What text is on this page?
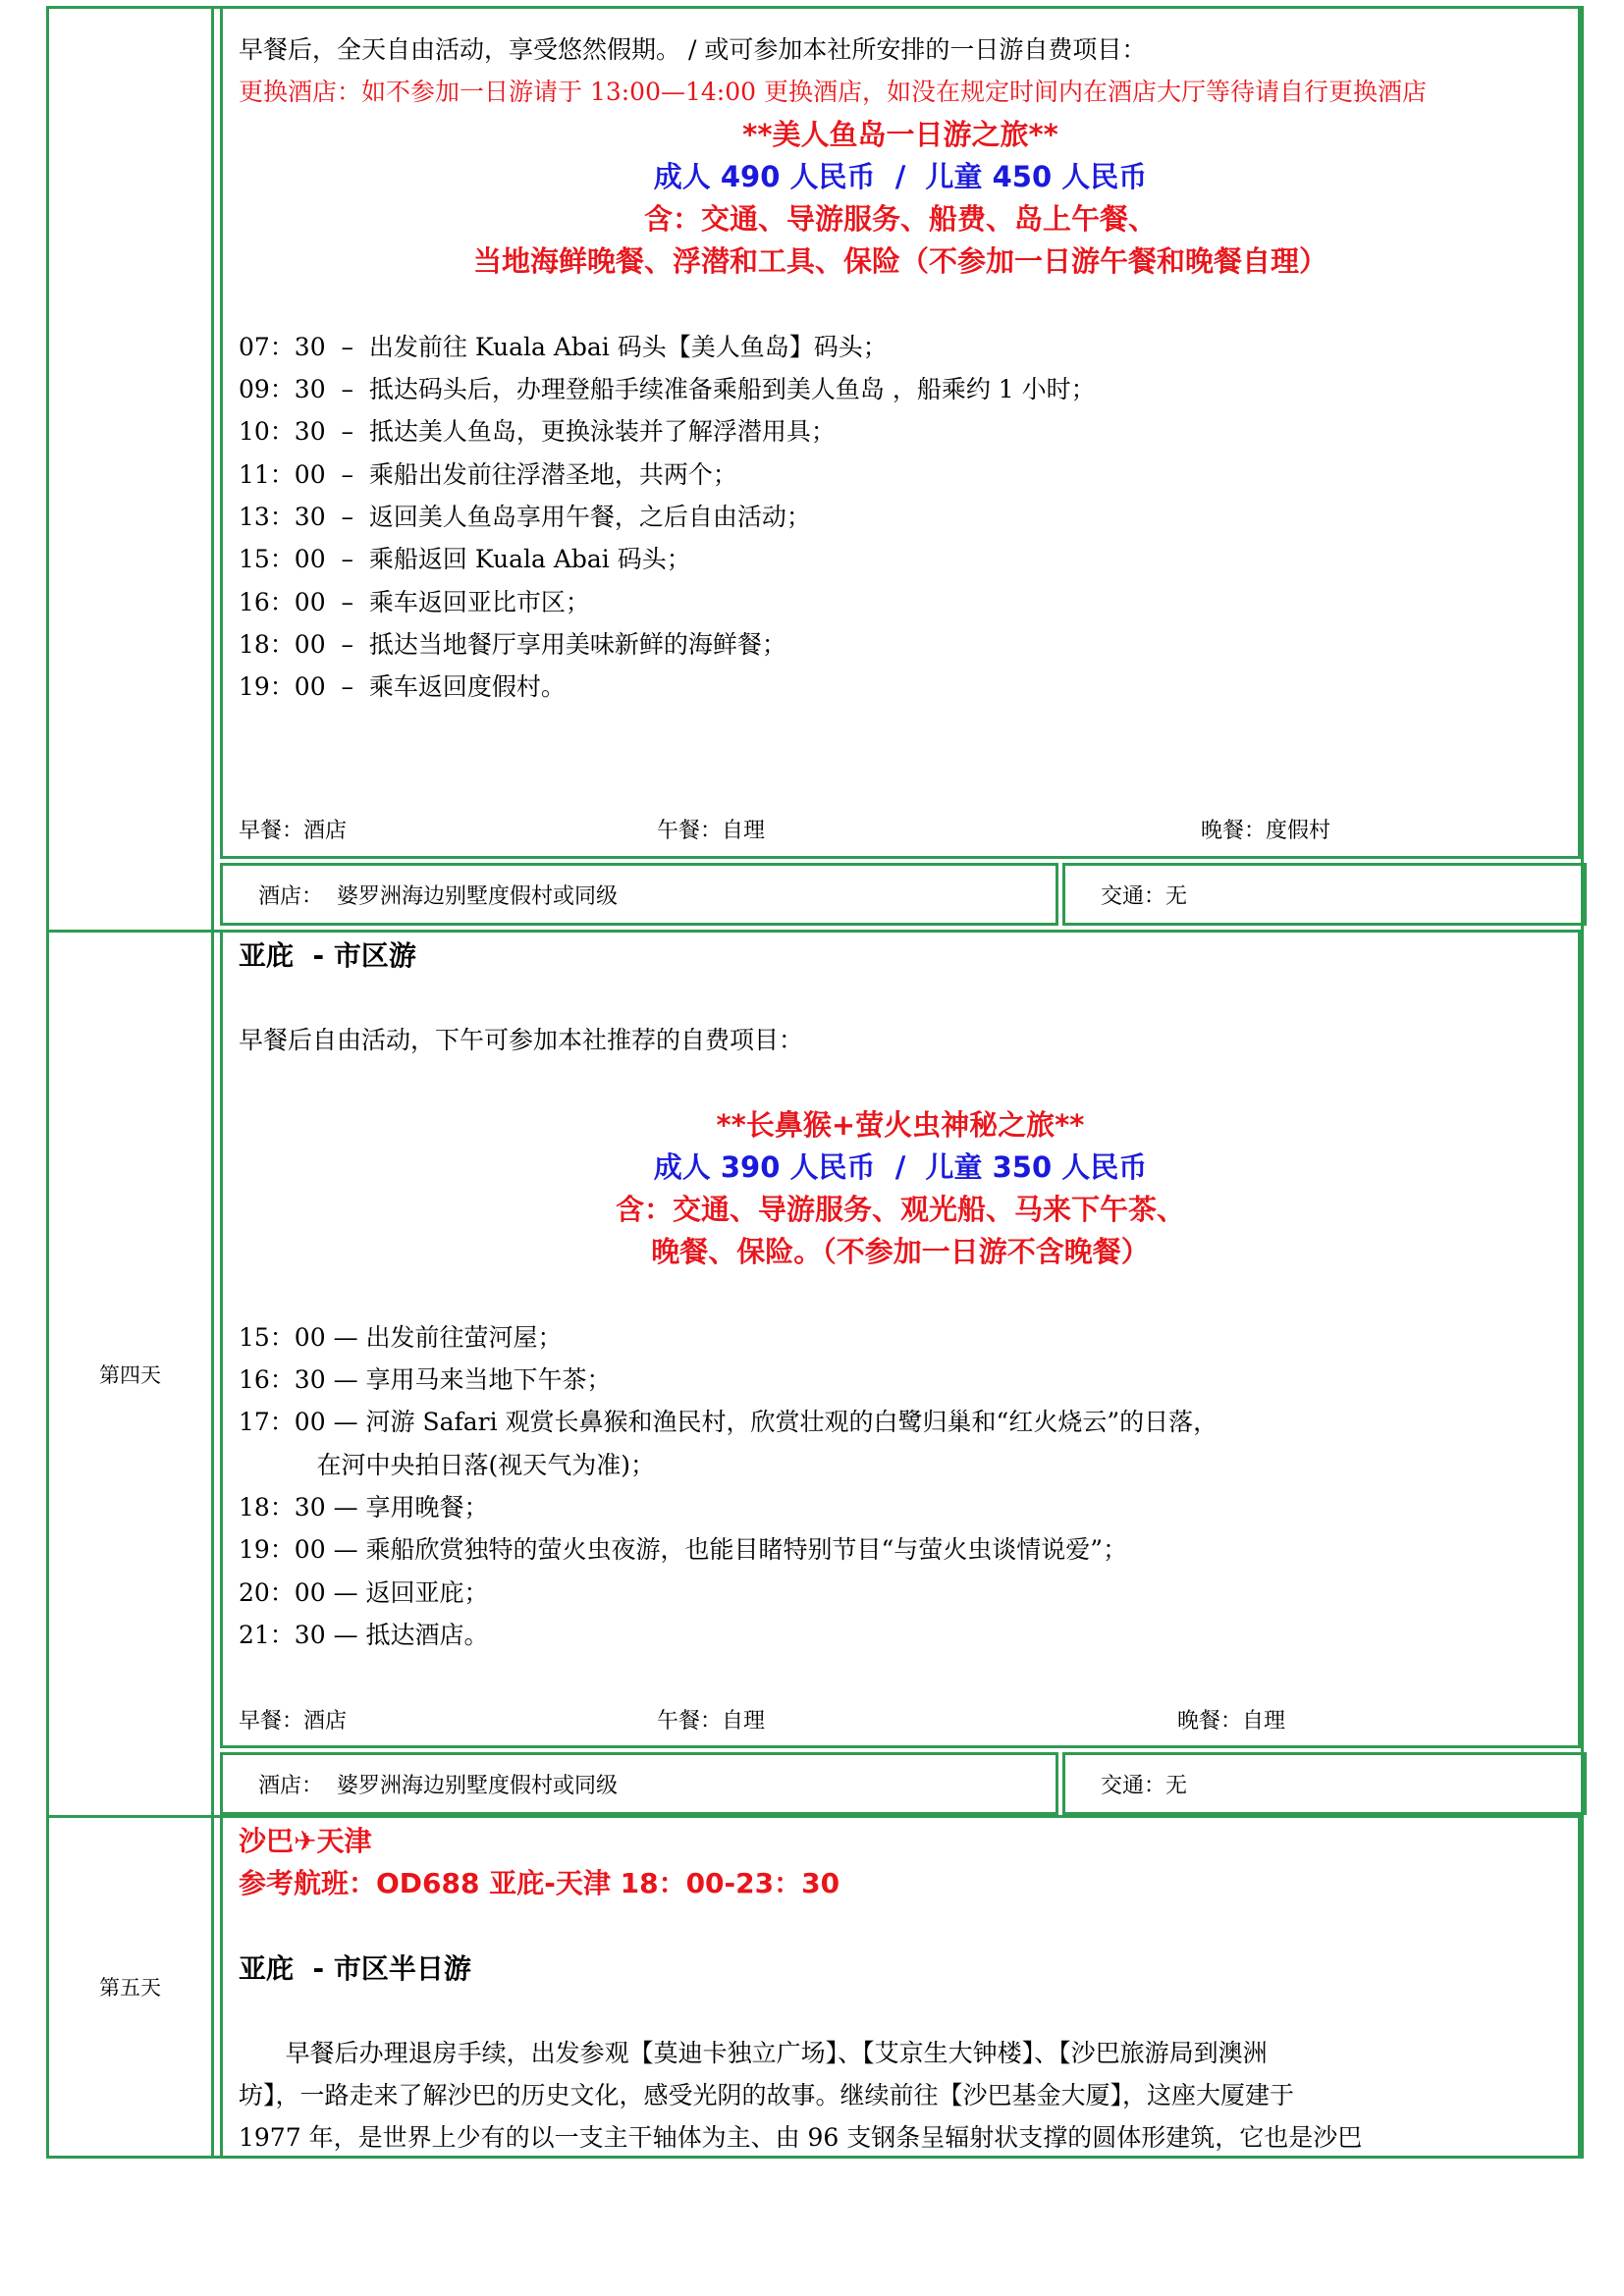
早餐后，全天自由活动，享受悠然假期。 / 或可参加本社所安排的一日游自费项目：
更换酒店：如不参加一日游请于 13:00—14:00 更换酒店，如没在规定时间内在酒店大厅等待请自行更换酒店
**美人鱼岛一日游之旅**
成人 490 人民币  /  儿童 450 人民币
含：交通、导游服务、船费、岛上午餐、
当地海鲜晚餐、浮潜和工具、保险（不参加一日游午餐和晚餐自理）
07：30  –  出发前往 Kuala Abai 码头【美人鱼岛】码头；
09：30  –  抵达码头后，办理登船手续准备乘船到美人鱼岛 ，船乘约 1 小时；
10：30  –  抵达美人鱼岛，更换泳装并了解浮潜用具；
11：00  –  乘船出发前往浮潜圣地，共两个；
13：30  –  返回美人鱼岛享用午餐，之后自由活动；
15：00  –  乘船返回 Kuala Abai 码头；
16：00  –  乘车返回亚比市区；
18：00  –  抵达当地餐厅享用美味新鲜的海鲜餐；
19：00  –  乘车返回度假村。
早餐：酒店	午餐：自理	晚餐：度假村
酒店：  婆罗洲海边别墅度假村或同级	交通：无
第四天
亚庇  - 市区游
早餐后自由活动，下午可参加本社推荐的自费项目：
**长鼻猴+萤火虫神秘之旅**
成人 390 人民币  /  儿童 350 人民币
含：交通、导游服务、观光船、马来下午茶、
晚餐、保险。（不参加一日游不含晚餐）
15：00 — 出发前往萤河屋；
16：30 — 享用马来当地下午茶；
17：00 — 河游 Safari 观赏长鼻猴和渔民村，欣赏壮观的白鹭归巢和“红火烧云”的日落，
在河中央拍日落(视天气为准)；
18：30 — 享用晚餐；
19：00 — 乘船欣赏独特的萤火虫夜游，也能目睹特别节目“与萤火虫谈情说爱”；
20：00 — 返回亚庇；
21：30 — 抵达酒店。
早餐：酒店	午餐：自理	晚餐：自理
酒店：  婆罗洲海边别墅度假村或同级	交通：无
第五天
沙巴✈天津
参考航班：OD688 亚庇-天津 18：00-23：30
亚庇  - 市区半日游
早餐后办理退房手续，出发参观【莫迪卡独立广场】、【艾京生大钟楼】、【沙巴旅游局到澳洲
坊】，一路走来了解沙巴的历史文化，感受光阴的故事。继续前往【沙巴基金大厦】，这座大厦建于
1977 年，是世界上少有的以一支主干轴体为主、由 96 支钢条呈辐射状支撑的圆体形建筑，它也是沙巴
